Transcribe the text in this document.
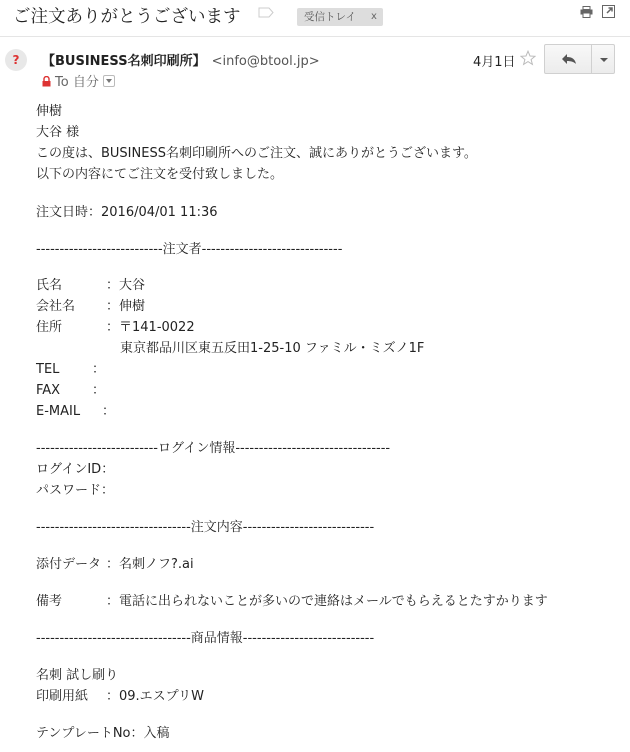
ご注文ありがとうございます	受信トレイ x
?	【BUSINESS名刺印刷所】 <info@btool.jp>
To 自分
4月1日
伸樹
大谷 様
この度は、BUSINESS名刺印刷所へのご注文、誠にありがとうございます。
以下の内容にてご注文を受付致しました。
注文日時：2016/04/01 11:36
---------------------------注文者------------------------------
氏名	：大谷
会社名 ：伸樹
住所	：〒141-0022
東京都品川区東五反田1-25-10 ファミル・ミズノ1F
TEL	：
FAX ：
E-MAIL ：
--------------------------ログイン情報---------------------------------
ログインID：
パスワード：
---------------------------------注文内容----------------------------
添付データ ：名刺ノフ?.ai
備考	：電話に出られないことが多いので連絡はメールでもらえるとたすかります
---------------------------------商品情報----------------------------
名刺 試し刷り
印刷用紙 ：09.エスプリW
テンプレートNo：入稿
